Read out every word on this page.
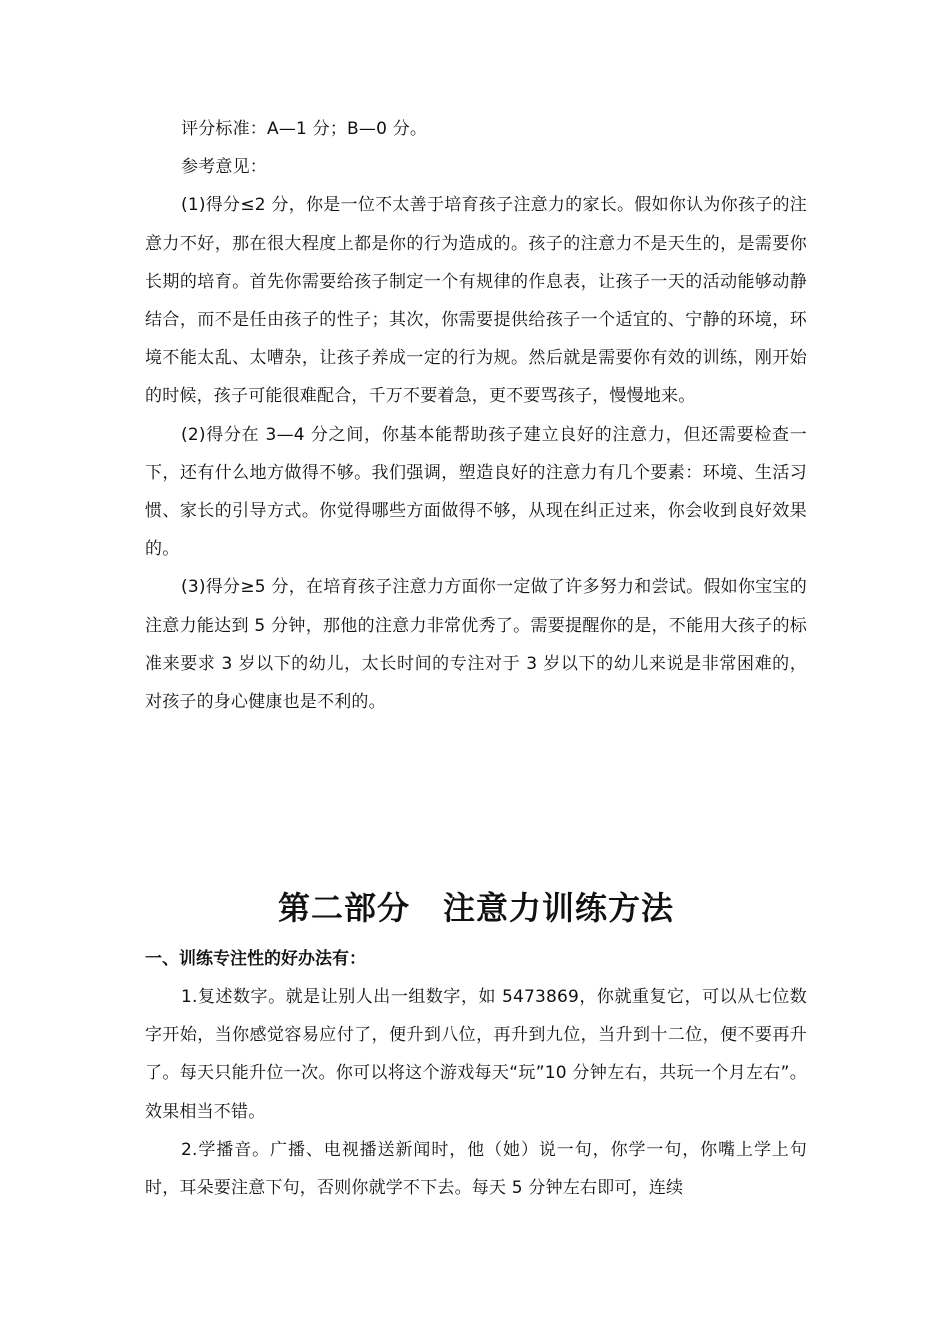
评分标准：A—1 分；B—0 分。

参考意见：

(1)得分≤2 分，你是一位不太善于培育孩子注意力的家长。假如你认为你孩子的注意力不好，那在很大程度上都是你的行为造成的。孩子的注意力不是天生的，是需要你长期的培育。首先你需要给孩子制定一个有规律的作息表，让孩子一天的活动能够动静结合，而不是任由孩子的性子；其次，你需要提供给孩子一个适宜的、宁静的环境，环境不能太乱、太嘈杂，让孩子养成一定的行为规。然后就是需要你有效的训练，刚开始的时候，孩子可能很难配合，千万不要着急，更不要骂孩子，慢慢地来。

(2)得分在 3—4 分之间，你基本能帮助孩子建立良好的注意力，但还需要检查一下，还有什么地方做得不够。我们强调，塑造良好的注意力有几个要素：环境、生活习惯、家长的引导方式。你觉得哪些方面做得不够，从现在纠正过来，你会收到良好效果的。

(3)得分≥5 分，在培育孩子注意力方面你一定做了许多努力和尝试。假如你宝宝的注意力能达到 5 分钟，那他的注意力非常优秀了。需要提醒你的是，不能用大孩子的标准来要求 3 岁以下的幼儿，太长时间的专注对于 3 岁以下的幼儿来说是非常困难的，对孩子的身心健康也是不利的。

第二部分　注意力训练方法
一、训练专注性的好办法有：

1.复述数字。就是让别人出一组数字，如 5473869，你就重复它，可以从七位数字开始，当你感觉容易应付了，便升到八位，再升到九位，当升到十二位，便不要再升了。每天只能升位一次。你可以将这个游戏每天“玩”10 分钟左右，共玩一个月左右”。效果相当不错。

2.学播音。广播、电视播送新闻时，他（她）说一句，你学一句，你嘴上学上句时，耳朵要注意下句，否则你就学不下去。每天 5 分钟左右即可，连续
